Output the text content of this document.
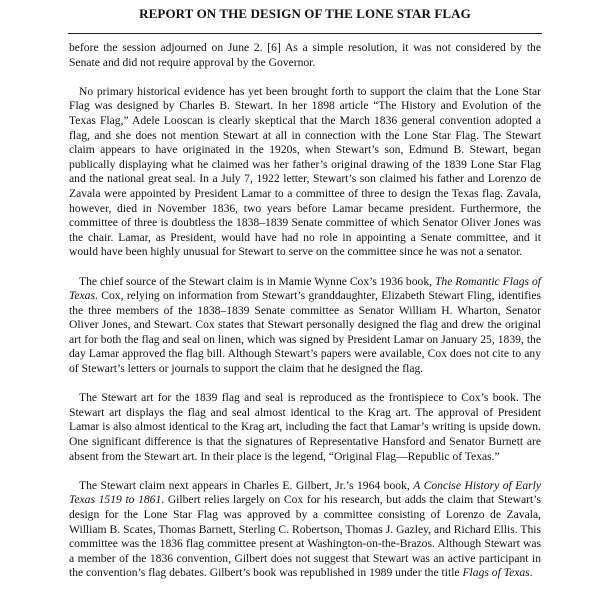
REPORT ON THE DESIGN OF THE LONE STAR FLAG

before the session adjourned on June 2. [6] As a simple resolution, it was not considered by the Senate and did not require approval by the Governor.

No primary historical evidence has yet been brought forth to support the claim that the Lone Star Flag was designed by Charles B. Stewart. In her 1898 article “The History and Evolution of the Texas Flag,” Adele Looscan is clearly skeptical that the March 1836 general convention adopted a flag, and she does not mention Stewart at all in connection with the Lone Star Flag. The Stewart claim appears to have originated in the 1920s, when Stewart’s son, Edmund B. Stewart, began publically displaying what he claimed was her father’s original drawing of the 1839 Lone Star Flag and the national great seal. In a July 7, 1922 letter, Stewart’s son claimed his father and Lorenzo de Zavala were appointed by President Lamar to a committee of three to design the Texas flag. Zavala, however, died in November 1836, two years before Lamar became president. Furthermore, the committee of three is doubtless the 1838–1839 Senate committee of which Senator Oliver Jones was the chair. Lamar, as President, would have had no role in appointing a Senate committee, and it would have been highly unusual for Stewart to serve on the committee since he was not a senator.

The chief source of the Stewart claim is in Mamie Wynne Cox’s 1936 book, The Romantic Flags of Texas. Cox, relying on information from Stewart’s granddaughter, Elizabeth Stewart Fling, identifies the three members of the 1838–1839 Senate committee as Senator William H. Wharton, Senator Oliver Jones, and Stewart. Cox states that Stewart personally designed the flag and drew the original art for both the flag and seal on linen, which was signed by President Lamar on January 25, 1839, the day Lamar approved the flag bill. Although Stewart’s papers were available, Cox does not cite to any of Stewart’s letters or journals to support the claim that he designed the flag.

The Stewart art for the 1839 flag and seal is reproduced as the frontispiece to Cox’s book. The Stewart art displays the flag and seal almost identical to the Krag art. The approval of President Lamar is also almost identical to the Krag art, including the fact that Lamar’s writing is upside down. One significant difference is that the signatures of Representative Hansford and Senator Burnett are absent from the Stewart art. In their place is the legend, “Original Flag—Republic of Texas.”

The Stewart claim next appears in Charles E. Gilbert, Jr.’s 1964 book, A Concise History of Early Texas 1519 to 1861. Gilbert relies largely on Cox for his research, but adds the claim that Stewart’s design for the Lone Star Flag was approved by a committee consisting of Lorenzo de Zavala, William B. Scates, Thomas Barnett, Sterling C. Robertson, Thomas J. Gazley, and Richard Ellis. This committee was the 1836 flag committee present at Washington-on-the-Brazos. Although Stewart was a member of the 1836 convention, Gilbert does not suggest that Stewart was an active participant in the convention’s flag debates. Gilbert’s book was republished in 1989 under the title Flags of Texas.
